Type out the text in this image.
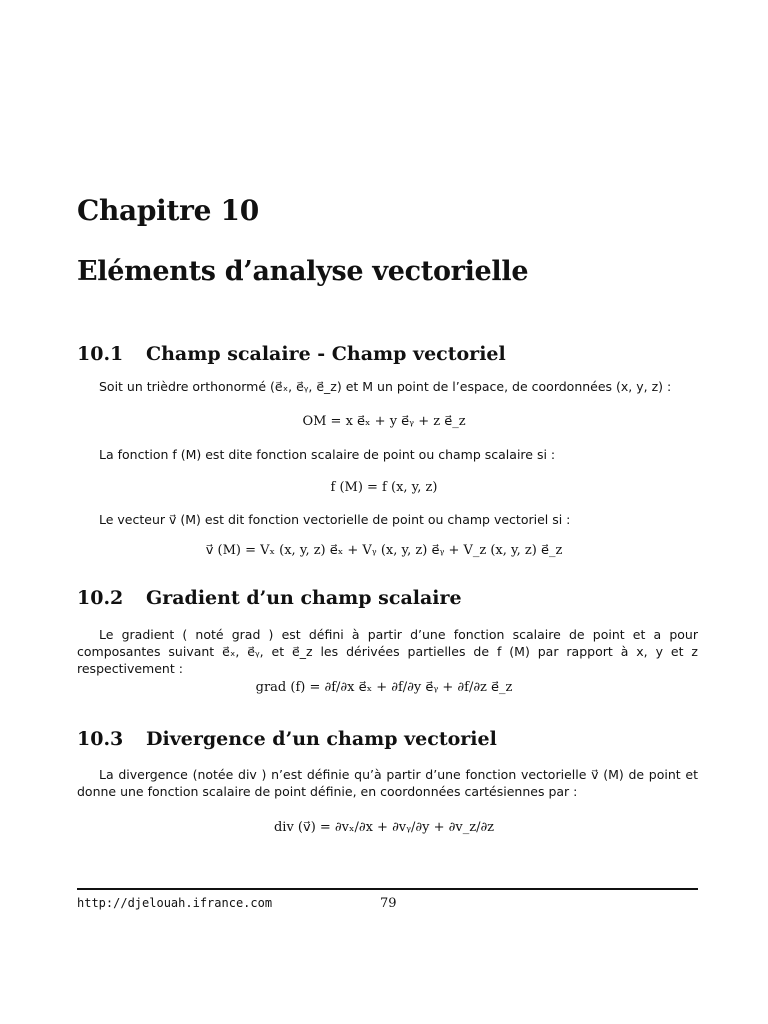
Chapitre 10
Eléments d’analyse vectorielle
10.1 Champ scalaire - Champ vectoriel
Soit un trièdre orthonormé (e⃗ₓ, e⃗ᵧ, e⃗_z) et M un point de l’espace, de coordonnées (x, y, z) :
OM = x e⃗ₓ + y e⃗ᵧ + z e⃗_z
La fonction f (M) est dite fonction scalaire de point ou champ scalaire si :
f (M) = f (x, y, z)
Le vecteur v⃗ (M) est dit fonction vectorielle de point ou champ vectoriel si :
v⃗ (M) = Vₓ (x, y, z) e⃗ₓ + Vᵧ (x, y, z) e⃗ᵧ + V_z (x, y, z) e⃗_z
10.2 Gradient d’un champ scalaire
Le gradient ( noté grad ) est défini à partir d’une fonction scalaire de point et a pour composantes suivant e⃗ₓ, e⃗ᵧ, et e⃗_z les dérivées partielles de f (M) par rapport à x, y et z respectivement :
grad (f) = ∂f/∂x e⃗ₓ + ∂f/∂y e⃗ᵧ + ∂f/∂z e⃗_z
10.3 Divergence d’un champ vectoriel
La divergence (notée div ) n’est définie qu’à partir d’une fonction vectorielle v⃗ (M) de point et donne une fonction scalaire de point définie, en coordonnées cartésiennes par :
div (v⃗) = ∂vₓ/∂x + ∂vᵧ/∂y + ∂v_z/∂z
http://djelouah.ifrance.com	79
